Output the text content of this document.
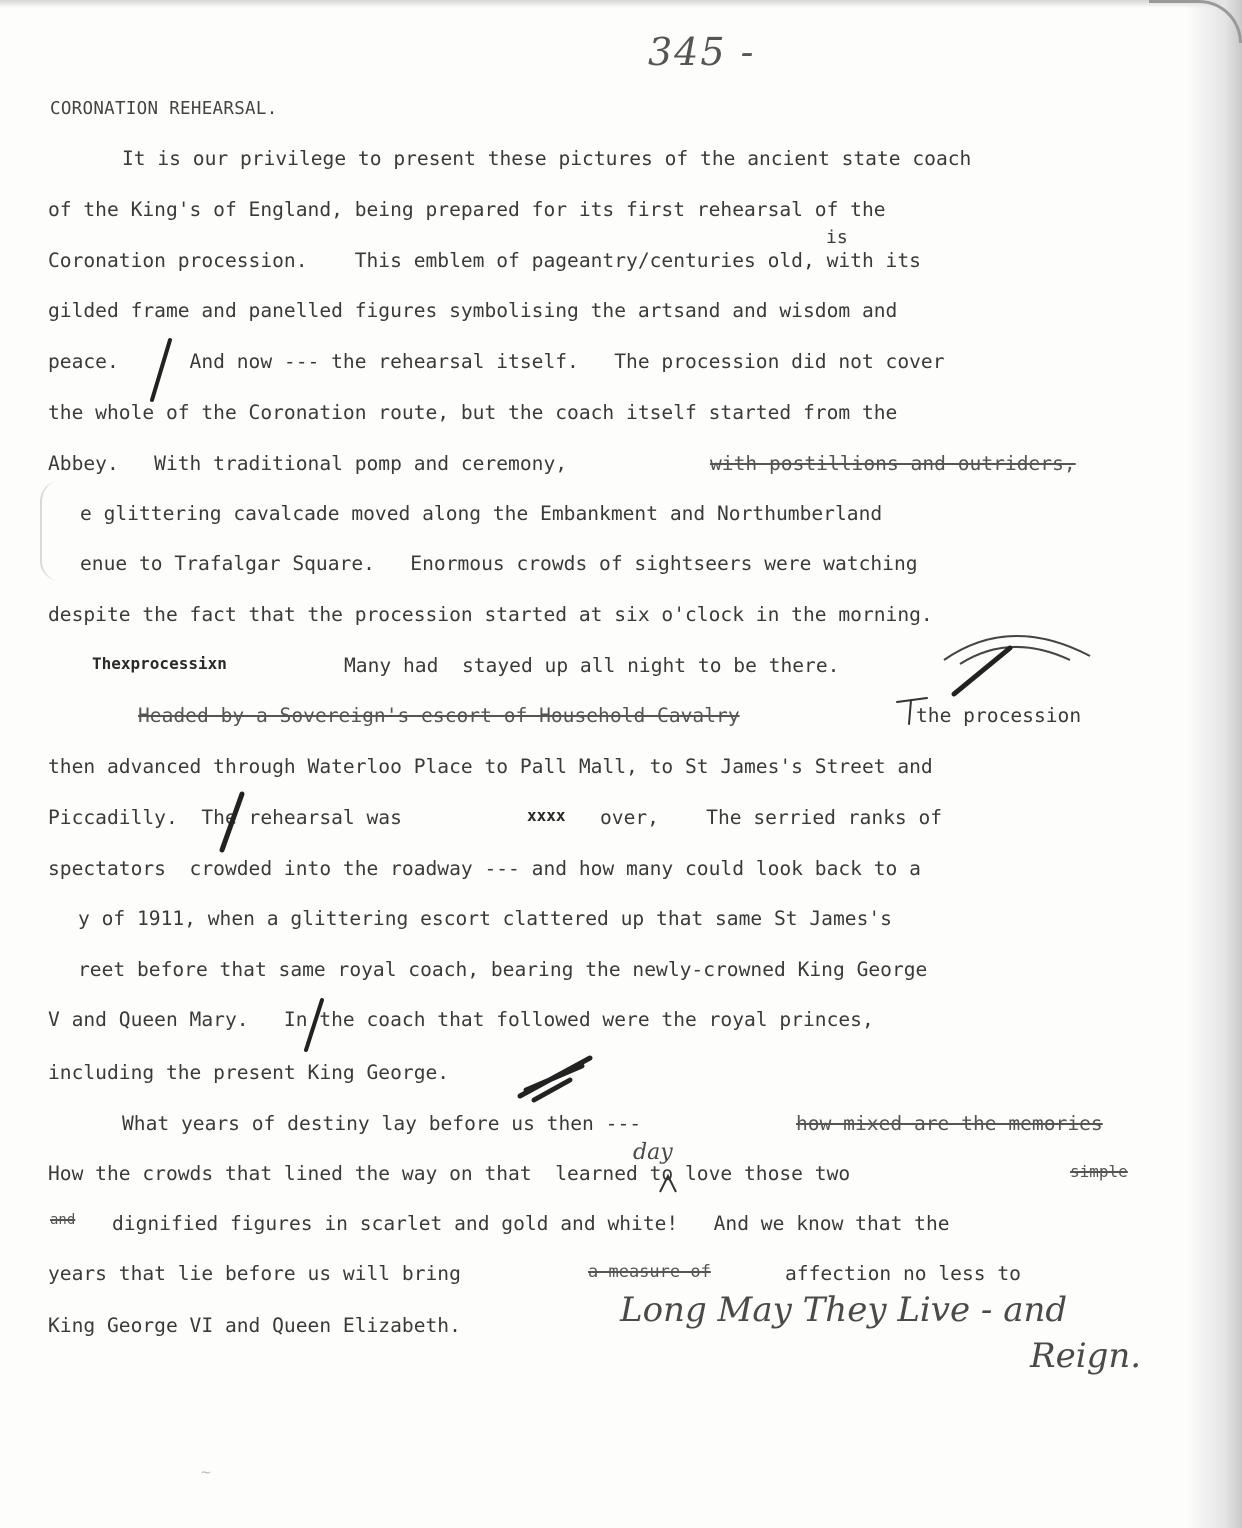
345 -
CORONATION REHEARSAL.
It is our privilege to present these pictures of the ancient state coach
of the King's of England, being prepared for its first rehearsal of the
is
Coronation procession.    This emblem of pageantry/centuries old, with its
gilded frame and panelled figures symbolising the artsand and wisdom and
peace.      And now --- the rehearsal itself.   The procession did not cover
the whole of the Coronation route, but the coach itself started from the
Abbey.   With traditional pomp and ceremony,	with postillions and outriders,
e glittering cavalcade moved along the Embankment and Northumberland
enue to Trafalgar Square.   Enormous crowds of sightseers were watching
despite the fact that the procession started at six o'clock in the morning.
Thexprocessixn	Many had  stayed up all night to be there.
Headed by a Sovereign's escort of Household Cavalry	the procession
then advanced through Waterloo Place to Pall Mall, to St James's Street and
Piccadilly.  The rehearsal was	xxxx over,    The serried ranks of
spectators  crowded into the roadway --- and how many could look back to a
y of 1911, when a glittering escort clattered up that same St James's
reet before that same royal coach, bearing the newly-crowned King George
V and Queen Mary.   In the coach that followed were the royal princes,
including the present King George.
What years of destiny lay before us then ---	how mixed are the memories
day
How the crowds that lined the way on that  learned to love those two	simple
and dignified figures in scarlet and gold and white!   And we know that the
years that lie before us will bring	a measure of	affection no less to
King George VI and Queen Elizabeth.	Long May They Live - and
Reign.
~
